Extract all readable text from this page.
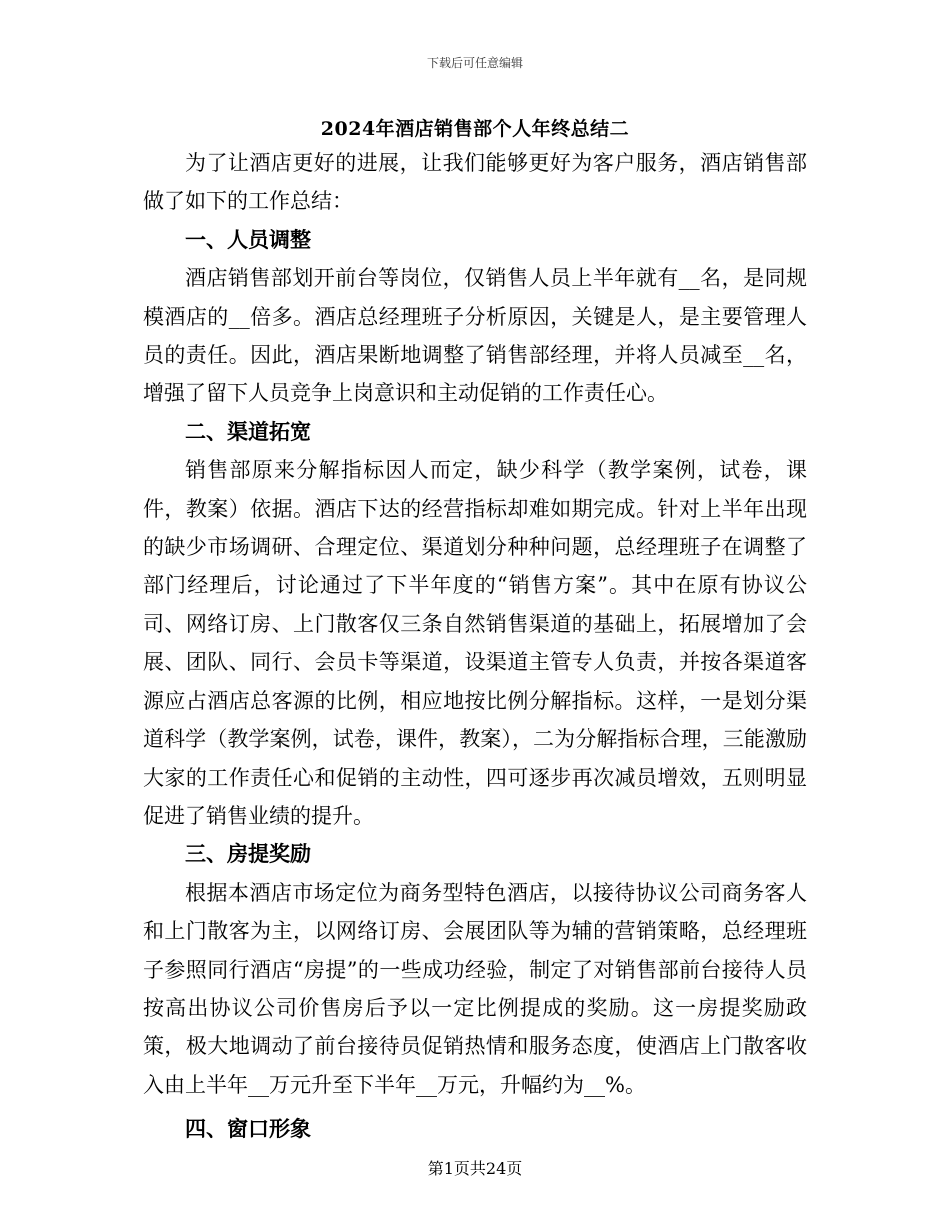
下载后可任意编辑
2024年酒店销售部个人年终总结二

为了让酒店更好的进展，让我们能够更好为客户服务，酒店销售部做了如下的工作总结：

一、人员调整

酒店销售部划开前台等岗位，仅销售人员上半年就有__名，是同规模酒店的__倍多。酒店总经理班子分析原因，关键是人，是主要管理人员的责任。因此，酒店果断地调整了销售部经理，并将人员减至__名，增强了留下人员竞争上岗意识和主动促销的工作责任心。

二、渠道拓宽

销售部原来分解指标因人而定，缺少科学（教学案例，试卷，课件，教案）依据。酒店下达的经营指标却难如期完成。针对上半年出现的缺少市场调研、合理定位、渠道划分种种问题，总经理班子在调整了部门经理后，讨论通过了下半年度的“销售方案”。其中在原有协议公司、网络订房、上门散客仅三条自然销售渠道的基础上，拓展增加了会展、团队、同行、会员卡等渠道，设渠道主管专人负责，并按各渠道客源应占酒店总客源的比例，相应地按比例分解指标。这样，一是划分渠道科学（教学案例，试卷，课件，教案），二为分解指标合理，三能激励大家的工作责任心和促销的主动性，四可逐步再次减员增效，五则明显促进了销售业绩的提升。

三、房提奖励

根据本酒店市场定位为商务型特色酒店，以接待协议公司商务客人和上门散客为主，以网络订房、会展团队等为辅的营销策略，总经理班子参照同行酒店“房提”的一些成功经验，制定了对销售部前台接待人员按高出协议公司价售房后予以一定比例提成的奖励。这一房提奖励政策，极大地调动了前台接待员促销热情和服务态度，使酒店上门散客收入由上半年__万元升至下半年__万元，升幅约为__%。

四、窗口形象

第1页共24页
